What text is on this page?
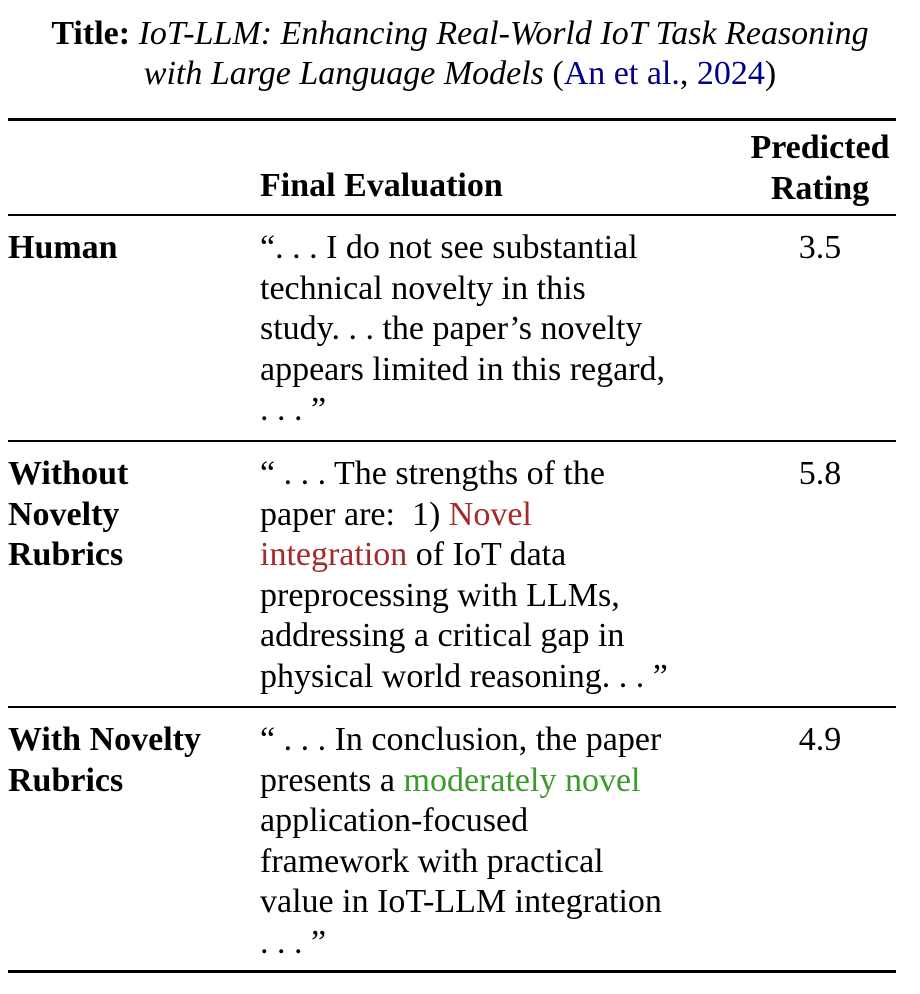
Title: IoT-LLM: Enhancing Real-World IoT Task Reasoning
with Large Language Models (An et al., 2024)
Final Evaluation
Predicted
Rating
Human	“. . . I do not see substantial
technical novelty in this
study. . . the paper’s novelty
appears limited in this regard,
. . . ”
3.5
Without
Novelty
Rubrics
“ . . . The strengths of the
paper are:  1) Novel
integration of IoT data
preprocessing with LLMs,
addressing a critical gap in
physical world reasoning. . . ”
5.8
With Novelty
Rubrics
“ . . . In conclusion, the paper
presents a moderately novel
application-focused
framework with practical
value in IoT-LLM integration
. . . ”
4.9
